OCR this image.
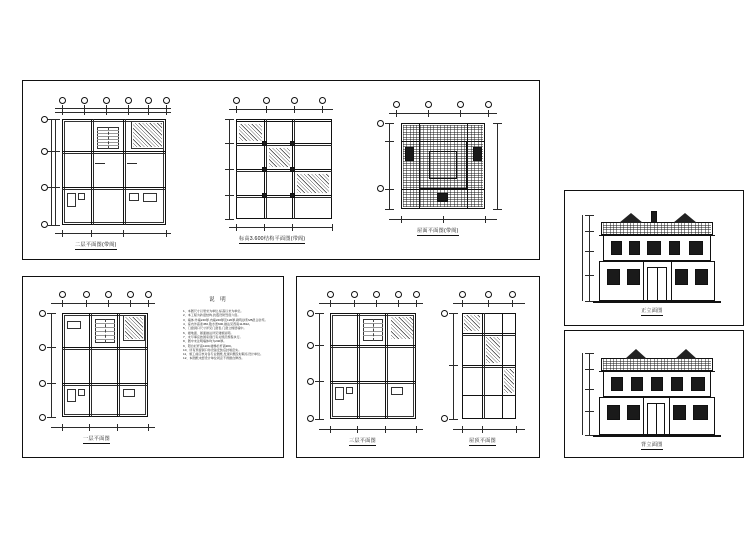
二层平面图(带阁)
标高3.600结构平面图(带阁)
屋面平面图(带阁)
一层平面图
说 明
1、本图尺寸以毫米为单位,标高以米为单位。
2、本工程为砖混结构,抗震设防烈度六度。
3、墙体:外墙240厚,内墙240厚及120厚,砌筑砂浆M5混合砂浆。
4、室内外高差450,散水宽600,做法见西南11J812。
5、门窗洞口尺寸详见门窗表,门窗立樘居墙中。
6、楼地面、屋面做法详见建施说明。
7、未尽事宜按国家现行有关规范规程执行。
8、图中未注明墙体均为240厚。
9、阳台栏杆高1100,楼梯栏杆高900。
10、所有预留洞口待设备安装后封堵密实。
11、施工前应核对各专业图纸,发现问题及时联系设计单位。
12、本图纸未经设计单位同意不得擅自修改。
三层平面图	屋顶平面图
正立面图
背立面图
